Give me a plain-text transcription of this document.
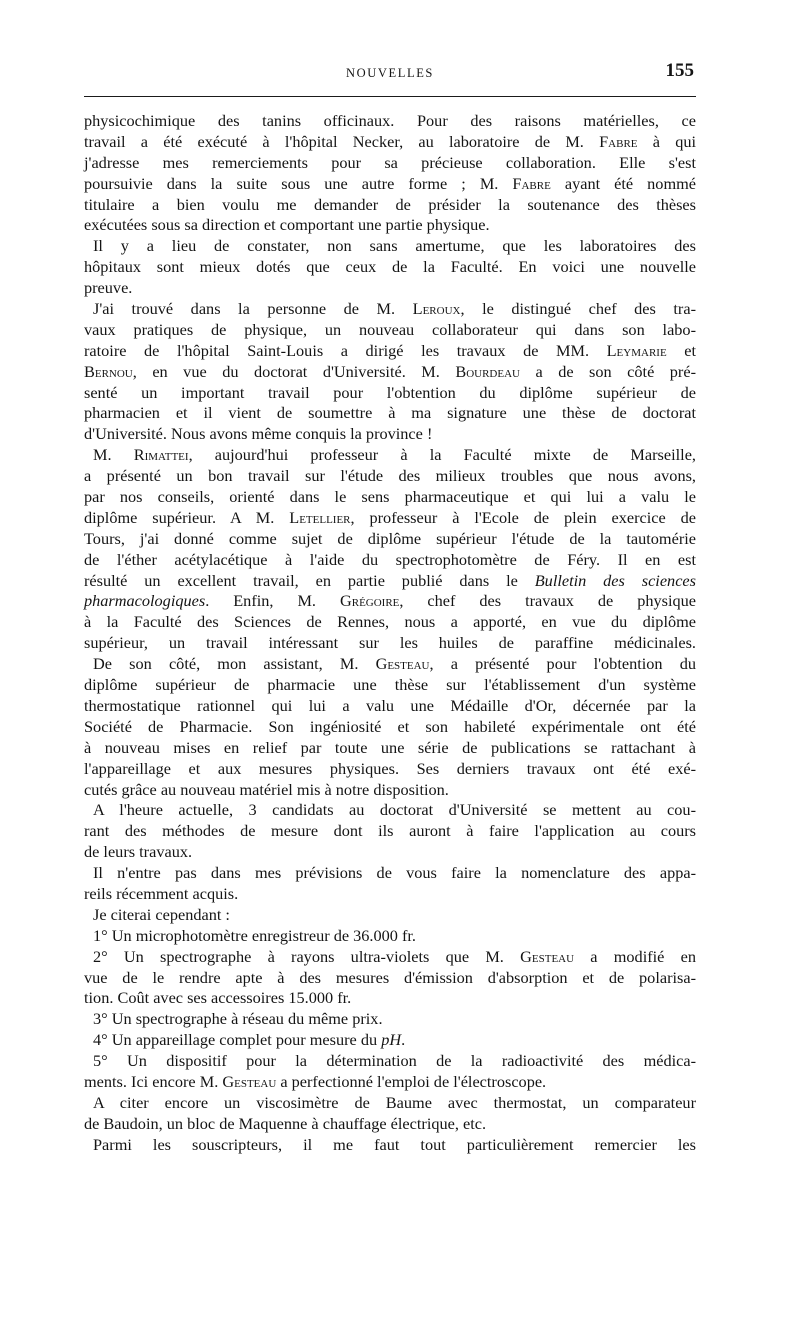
NOUVELLES	155
physicochimique des tanins officinaux. Pour des raisons matérielles, ce
travail a été exécuté à l'hôpital Necker, au laboratoire de M. Fabre à qui
j'adresse mes remerciements pour sa précieuse collaboration. Elle s'est
poursuivie dans la suite sous une autre forme ; M. Fabre ayant été nommé
titulaire a bien voulu me demander de présider la soutenance des thèses
exécutées sous sa direction et comportant une partie physique.
Il y a lieu de constater, non sans amertume, que les laboratoires des
hôpitaux sont mieux dotés que ceux de la Faculté. En voici une nouvelle
preuve.
J'ai trouvé dans la personne de M. Leroux, le distingué chef des tra-
vaux pratiques de physique, un nouveau collaborateur qui dans son labo-
ratoire de l'hôpital Saint-Louis a dirigé les travaux de MM. Leymarie et
Bernou, en vue du doctorat d'Université. M. Bourdeau a de son côté pré-
senté un important travail pour l'obtention du diplôme supérieur de
pharmacien et il vient de soumettre à ma signature une thèse de doctorat
d'Université. Nous avons même conquis la province !
M. Rimattei, aujourd'hui professeur à la Faculté mixte de Marseille,
a présenté un bon travail sur l'étude des milieux troubles que nous avons,
par nos conseils, orienté dans le sens pharmaceutique et qui lui a valu le
diplôme supérieur. A M. Letellier, professeur à l'Ecole de plein exercice de
Tours, j'ai donné comme sujet de diplôme supérieur l'étude de la tautomérie
de l'éther acétylacétique à l'aide du spectrophotomètre de Féry. Il en est
résulté un excellent travail, en partie publié dans le Bulletin des sciences
pharmacologiques. Enfin, M. Grégoire, chef des travaux de physique
à la Faculté des Sciences de Rennes, nous a apporté, en vue du diplôme
supérieur, un travail intéressant sur les huiles de paraffine médicinales.
De son côté, mon assistant, M. Gesteau, a présenté pour l'obtention du
diplôme supérieur de pharmacie une thèse sur l'établissement d'un système
thermostatique rationnel qui lui a valu une Médaille d'Or, décernée par la
Société de Pharmacie. Son ingéniosité et son habileté expérimentale ont été
à nouveau mises en relief par toute une série de publications se rattachant à
l'appareillage et aux mesures physiques. Ses derniers travaux ont été exé-
cutés grâce au nouveau matériel mis à notre disposition.
A l'heure actuelle, 3 candidats au doctorat d'Université se mettent au cou-
rant des méthodes de mesure dont ils auront à faire l'application au cours
de leurs travaux.
Il n'entre pas dans mes prévisions de vous faire la nomenclature des appa-
reils récemment acquis.
Je citerai cependant :
1° Un microphotomètre enregistreur de 36.000 fr.
2° Un spectrographe à rayons ultra-violets que M. Gesteau a modifié en
vue de le rendre apte à des mesures d'émission d'absorption et de polarisa-
tion. Coût avec ses accessoires 15.000 fr.
3° Un spectrographe à réseau du même prix.
4° Un appareillage complet pour mesure du pH.
5° Un dispositif pour la détermination de la radioactivité des médica-
ments. Ici encore M. Gesteau a perfectionné l'emploi de l'électroscope.
A citer encore un viscosimètre de Baume avec thermostat, un comparateur
de Baudoin, un bloc de Maquenne à chauffage électrique, etc.
Parmi les souscripteurs, il me faut tout particulièrement remercier les
